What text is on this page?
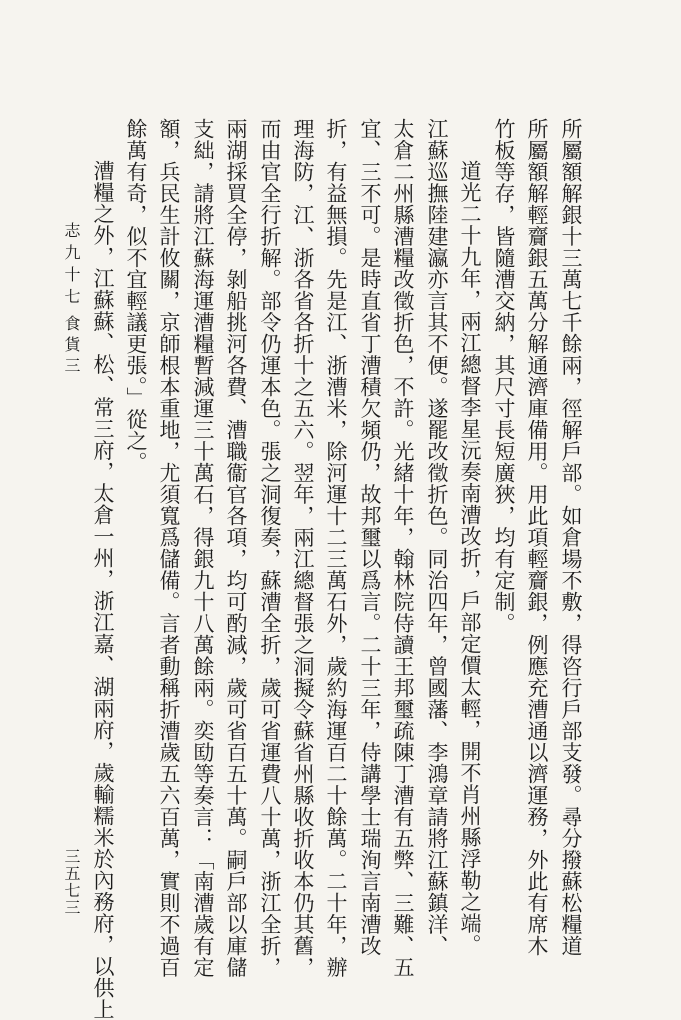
所屬額解銀十三萬七千餘兩，徑解戶部。如倉場不敷，得咨行戶部支發。尋分撥蘇松糧道
所屬額解輕齎銀五萬分解通濟庫備用。用此項輕齎銀，例應充漕通以濟運務，外此有席木
竹板等存，皆隨漕交納，其尺寸長短廣狹，均有定制。
道光二十九年，兩江總督李星沅奏南漕改折，戶部定價太輕，開不肖州縣浮勒之端。
江蘇巡撫陸建瀛亦言其不便。遂罷改徵折色。同治四年，曾國藩、李鴻章請將江蘇鎮洋、
太倉二州縣漕糧改徵折色，不許。光緒十年，翰林院侍讀王邦璽疏陳丁漕有五弊、三難、五
宜、三不可。是時直省丁漕積欠頻仍，故邦璽以爲言。二十三年，侍講學士瑞洵言南漕改
折，有益無損。先是江、浙漕米，除河運十二三萬石外，歲約海運百二十餘萬。二十年，辦
理海防，江、浙各省各折十之五六。翌年，兩江總督張之洞擬令蘇省州縣收折收本仍其舊，
而由官全行折解。部令仍運本色。張之洞復奏，蘇漕全折，歲可省運費八十萬，浙江全折，
兩湖採買全停，剝船挑河各費、漕職衞官各項，均可酌減，歲可省百五十萬。嗣戶部以庫儲
支絀，請將江蘇海運漕糧暫減運三十萬石，得銀九十八萬餘兩。奕劻等奏言：「南漕歲有定
額，兵民生計攸關，京師根本重地，尤須寬爲儲備。言者動稱折漕歲五六百萬，實則不過百
餘萬有奇，似不宜輕議更張。」從之。
漕糧之外，江蘇蘇、松、常三府，太倉一州，浙江嘉、湖兩府，歲輸糯米於內務府，以供上
志九十七
食貨三
三五七三
